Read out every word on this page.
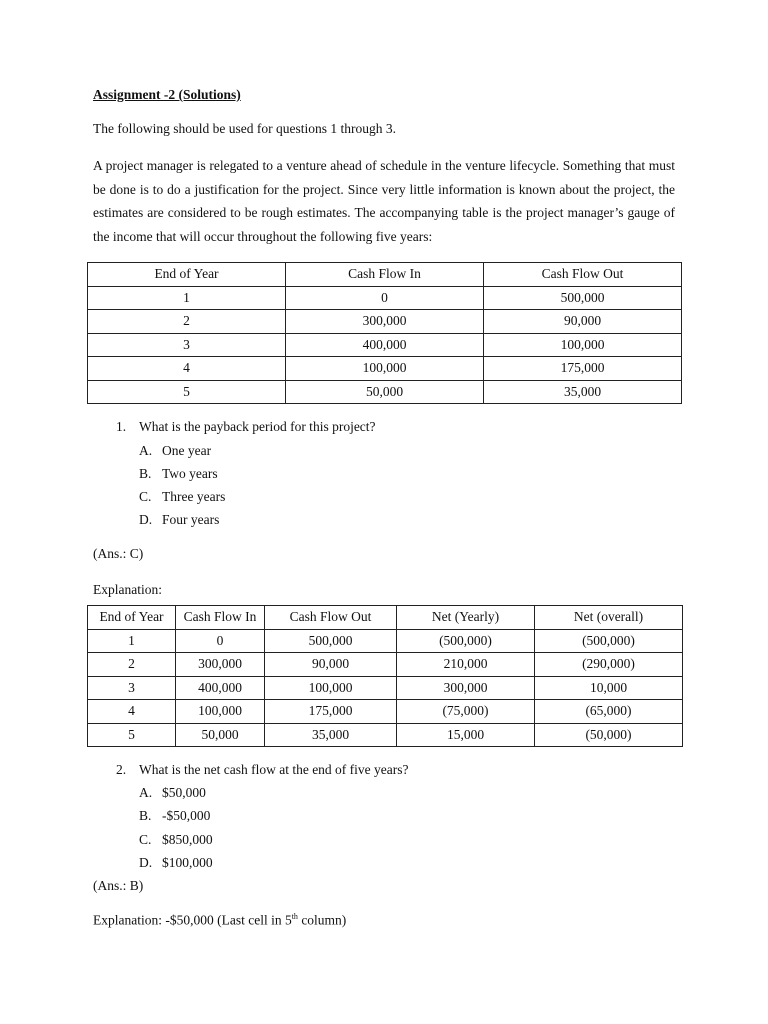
Assignment -2 (Solutions)
The following should be used for questions 1 through 3.
A project manager is relegated to a venture ahead of schedule in the venture lifecycle. Something that must be done is to do a justification for the project. Since very little information is known about the project, the estimates are considered to be rough estimates. The accompanying table is the project manager’s gauge of the income that will occur throughout the following five years:
End of Year	Cash Flow In	Cash Flow Out
1	0	500,000
2	300,000	90,000
3	400,000	100,000
4	100,000	175,000
5	50,000	35,000
1. What is the payback period for this project?
A. One year
B. Two years
C. Three years
D. Four years
(Ans.: C)
Explanation:
End of Year	Cash Flow In	Cash Flow Out	Net (Yearly)	Net (overall)
1	0	500,000	(500,000)	(500,000)
2	300,000	90,000	210,000	(290,000)
3	400,000	100,000	300,000	10,000
4	100,000	175,000	(75,000)	(65,000)
5	50,000	35,000	15,000	(50,000)
2. What is the net cash flow at the end of five years?
A. $50,000
B. -$50,000
C. $850,000
D. $100,000
(Ans.: B)
Explanation: -$50,000 (Last cell in 5th column)
